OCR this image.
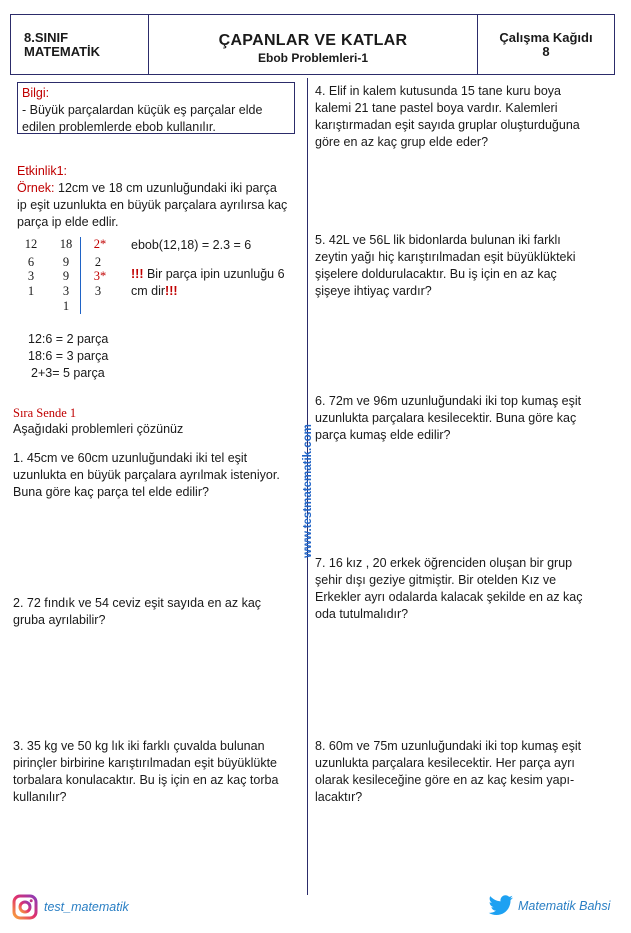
8.SINIF
MATEMATİK
ÇAPANLAR VE KATLAR
Ebob Problemleri-1
Çalışma Kağıdı
8
www.testmatematik.com
Bilgi:
- Büyük parçalardan küçük eş parçalar elde
edilen problemlerde ebob kullanılır.
Etkinlik1:
Örnek: 12cm ve 18 cm uzunluğundaki iki parça
ip eşit uzunlukta en büyük parçalara ayrılırsa kaç
parça ip elde edlir.
12
6
3
1
18
9
9
3
1
2*
2
3*
3
ebob(12,18) = 2.3 = 6
!!! Bir parça ipin uzunluğu 6
cm dir!!!
12:6 = 2 parça
18:6 = 3 parça
2+3= 5 parça
Sıra Sende 1
Aşağıdaki problemleri çözünüz
1. 45cm ve 60cm uzunluğundaki iki tel eşit
uzunlukta en büyük parçalara ayrılmak isteniyor.
Buna göre kaç parça tel elde edilir?
2. 72 fındık ve 54 ceviz eşit sayıda en az kaç
gruba ayrılabilir?
3. 35 kg ve 50 kg lık iki farklı çuvalda bulunan
pirinçler birbirine karıştırılmadan eşit büyüklükte
torbalara konulacaktır. Bu iş için en az kaç torba
kullanılır?
4. Elif in kalem kutusunda 15 tane kuru boya
kalemi 21 tane pastel boya vardır. Kalemleri
karıştırmadan eşit sayıda gruplar oluşturduğuna
göre en az kaç grup elde eder?
5. 42L ve 56L lik bidonlarda bulunan iki farklı
zeytin yağı hiç karıştırılmadan eşit büyüklükteki
şişelere doldurulacaktır. Bu iş için en az kaç
şişeye ihtiyaç vardır?
6. 72m ve 96m uzunluğundaki iki top kumaş eşit
uzunlukta parçalara kesilecektir. Buna göre kaç
parça kumaş elde edilir?
7. 16 kız , 20 erkek öğrenciden oluşan bir grup
şehir dışı geziye gitmiştir. Bir otelden Kız ve
Erkekler ayrı odalarda kalacak şekilde en az kaç
oda tutulmalıdır?
8. 60m ve 75m uzunluğundaki iki top kumaş eşit
uzunlukta parçalara kesilecektir. Her parça ayrı
olarak kesileceğine göre en az kaç kesim yapı-
lacaktır?
test_matematik	Matematik Bahsi
